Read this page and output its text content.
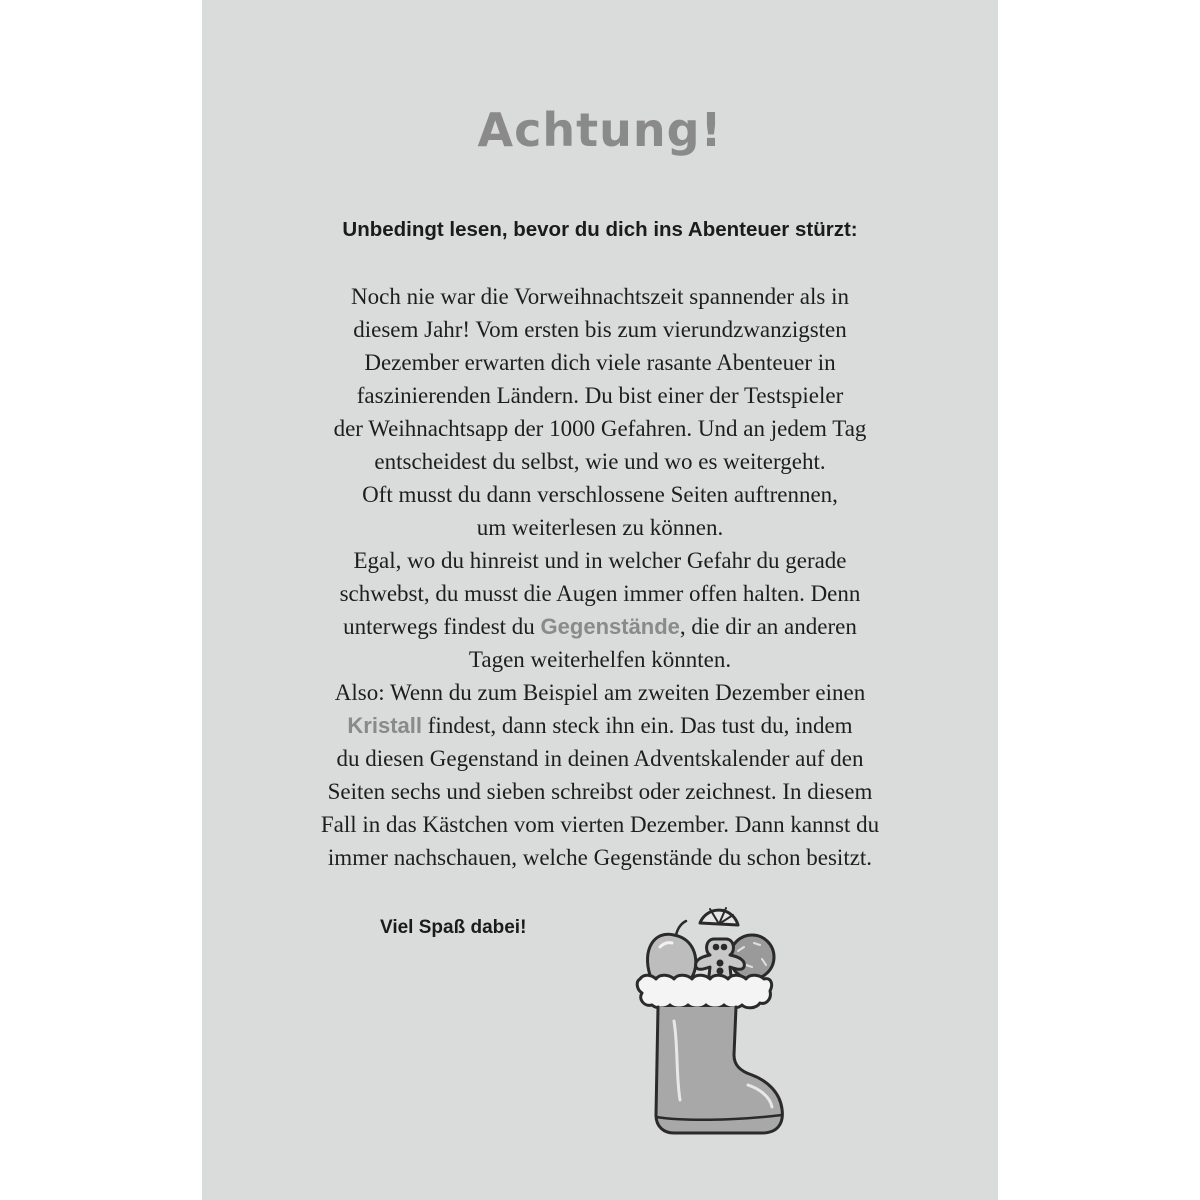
Achtung!
Unbedingt lesen, bevor du dich ins Abenteuer stürzt:
Noch nie war die Vorweihnachtszeit spannender als in
diesem Jahr! Vom ersten bis zum vierundzwanzigsten
Dezember erwarten dich viele rasante Abenteuer in
faszinierenden Ländern. Du bist einer der Testspieler
der Weihnachtsapp der 1000 Gefahren. Und an jedem Tag
entscheidest du selbst, wie und wo es weitergeht.
Oft musst du dann verschlossene Seiten auftrennen,
um weiterlesen zu können.
Egal, wo du hinreist und in welcher Gefahr du gerade
schwebst, du musst die Augen immer offen halten. Denn
unterwegs findest du Gegenstände, die dir an anderen
Tagen weiterhelfen könnten.
Also: Wenn du zum Beispiel am zweiten Dezember einen
Kristall findest, dann steck ihn ein. Das tust du, indem
du diesen Gegenstand in deinen Adventskalender auf den
Seiten sechs und sieben schreibst oder zeichnest. In diesem
Fall in das Kästchen vom vierten Dezember. Dann kannst du
immer nachschauen, welche Gegenstände du schon besitzt.
Viel Spaß dabei!
